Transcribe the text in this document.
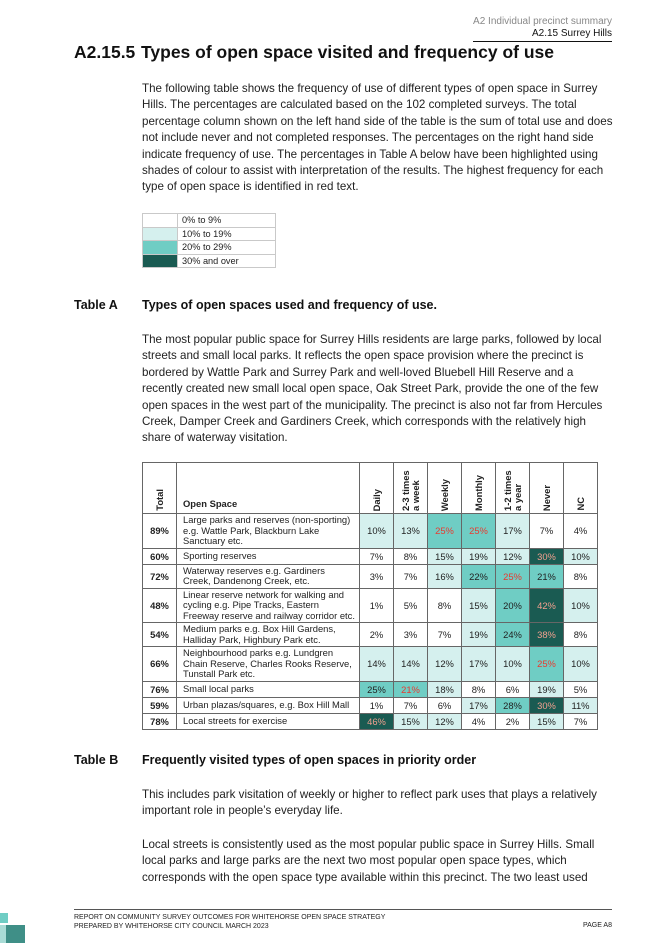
A2 Individual precinct summary
A2.15 Surrey Hills
A2.15.5 Types of open space visited and frequency of use

The following table shows the frequency of use of different types of open space in Surrey Hills. The percentages are calculated based on the 102 completed surveys. The total percentage column shown on the left hand side of the table is the sum of total use and does not include never and not completed responses. The percentages on the right hand side indicate frequency of use. The percentages in Table A below have been highlighted using shades of colour to assist with interpretation of the results. The highest frequency for each type of open space is identified in red text.

	0% to 9%
	10% to 19%
	20% to 29%
	30% and over
Table A Types of open spaces used and frequency of use.

The most popular public space for Surrey Hills residents are large parks, followed by local streets and small local parks. It reflects the open space provision where the precinct is bordered by Wattle Park and Surrey Park and well-loved Bluebell Hill Reserve and a recently created new small local open space, Oak Street Park, provide the one of the few open spaces in the west part of the municipality. The precinct is also not far from Hercules Creek, Damper Creek and Gardiners Creek, which corresponds with the relatively high share of waterway visitation.

Total	Open Space	Daily	2-3 times a week	Weekly	Monthly	1-2 times a year	Never	NC
89%	Large parks and reserves (non-sporting) e.g. Wattle Park, Blackburn Lake Sanctuary etc.	10%	13%	25%	25%	17%	7%	4%
60%	Sporting reserves	7%	8%	15%	19%	12%	30%	10%
72%	Waterway reserves e.g. Gardiners Creek, Dandenong Creek, etc.	3%	7%	16%	22%	25%	21%	8%
48%	Linear reserve network for walking and cycling e.g. Pipe Tracks, Eastern Freeway reserve and railway corridor etc.	1%	5%	8%	15%	20%	42%	10%
54%	Medium parks e.g. Box Hill Gardens, Halliday Park, Highbury Park etc.	2%	3%	7%	19%	24%	38%	8%
66%	Neighbourhood parks e.g. Lundgren Chain Reserve, Charles Rooks Reserve, Tunstall Park etc.	14%	14%	12%	17%	10%	25%	10%
76%	Small local parks	25%	21%	18%	8%	6%	19%	5%
59%	Urban plazas/squares, e.g. Box Hill Mall	1%	7%	6%	17%	28%	30%	11%
78%	Local streets for exercise	46%	15%	12%	4%	2%	15%	7%
Table B Frequently visited types of open spaces in priority order

This includes park visitation of weekly or higher to reflect park uses that plays a relatively important role in people’s everyday life.

Local streets is consistently used as the most popular public space in Surrey Hills. Small local parks and large parks are the next two most popular open space types, which corresponds with the open space type available within this precinct. The two least used

REPORT ON COMMUNITY SURVEY OUTCOMES FOR WHITEHORSE OPEN SPACE STRATEGY
PREPARED BY WHITEHORSE CITY COUNCIL MARCH 2023	PAGE A8
